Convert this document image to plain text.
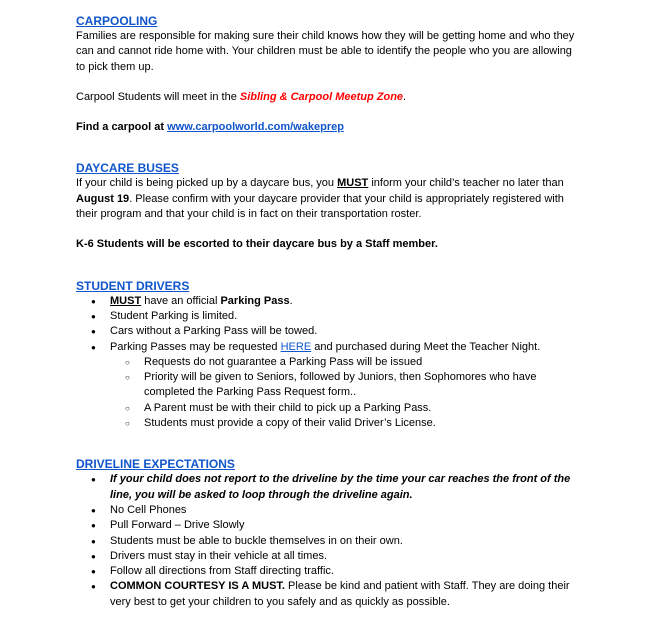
CARPOOLING

Families are responsible for making sure their child knows how they will be getting home and who they can and cannot ride home with. Your children must be able to identify the people who you are allowing to pick them up.

Carpool Students will meet in the Sibling & Carpool Meetup Zone.

Find a carpool at www.carpoolworld.com/wakeprep

DAYCARE BUSES

If your child is being picked up by a daycare bus, you MUST inform your child’s teacher no later than August 19. Please confirm with your daycare provider that your child is appropriately registered with their program and that your child is in fact on their transportation roster.

K-6 Students will be escorted to their daycare bus by a Staff member.

STUDENT DRIVERS
● MUST have an official Parking Pass.
● Student Parking is limited.
● Cars without a Parking Pass will be towed.
● Parking Passes may be requested HERE and purchased during Meet the Teacher Night.
○ Requests do not guarantee a Parking Pass will be issued
○ Priority will be given to Seniors, followed by Juniors, then Sophomores who have completed the Parking Pass Request form..
○ A Parent must be with their child to pick up a Parking Pass.
○ Students must provide a copy of their valid Driver’s License.
DRIVELINE EXPECTATIONS
● If your child does not report to the driveline by the time your car reaches the front of the line, you will be asked to loop through the driveline again.
● No Cell Phones
● Pull Forward – Drive Slowly
● Students must be able to buckle themselves in on their own.
● Drivers must stay in their vehicle at all times.
● Follow all directions from Staff directing traffic.
● COMMON COURTESY IS A MUST. Please be kind and patient with Staff. They are doing their very best to get your children to you safely and as quickly as possible.
